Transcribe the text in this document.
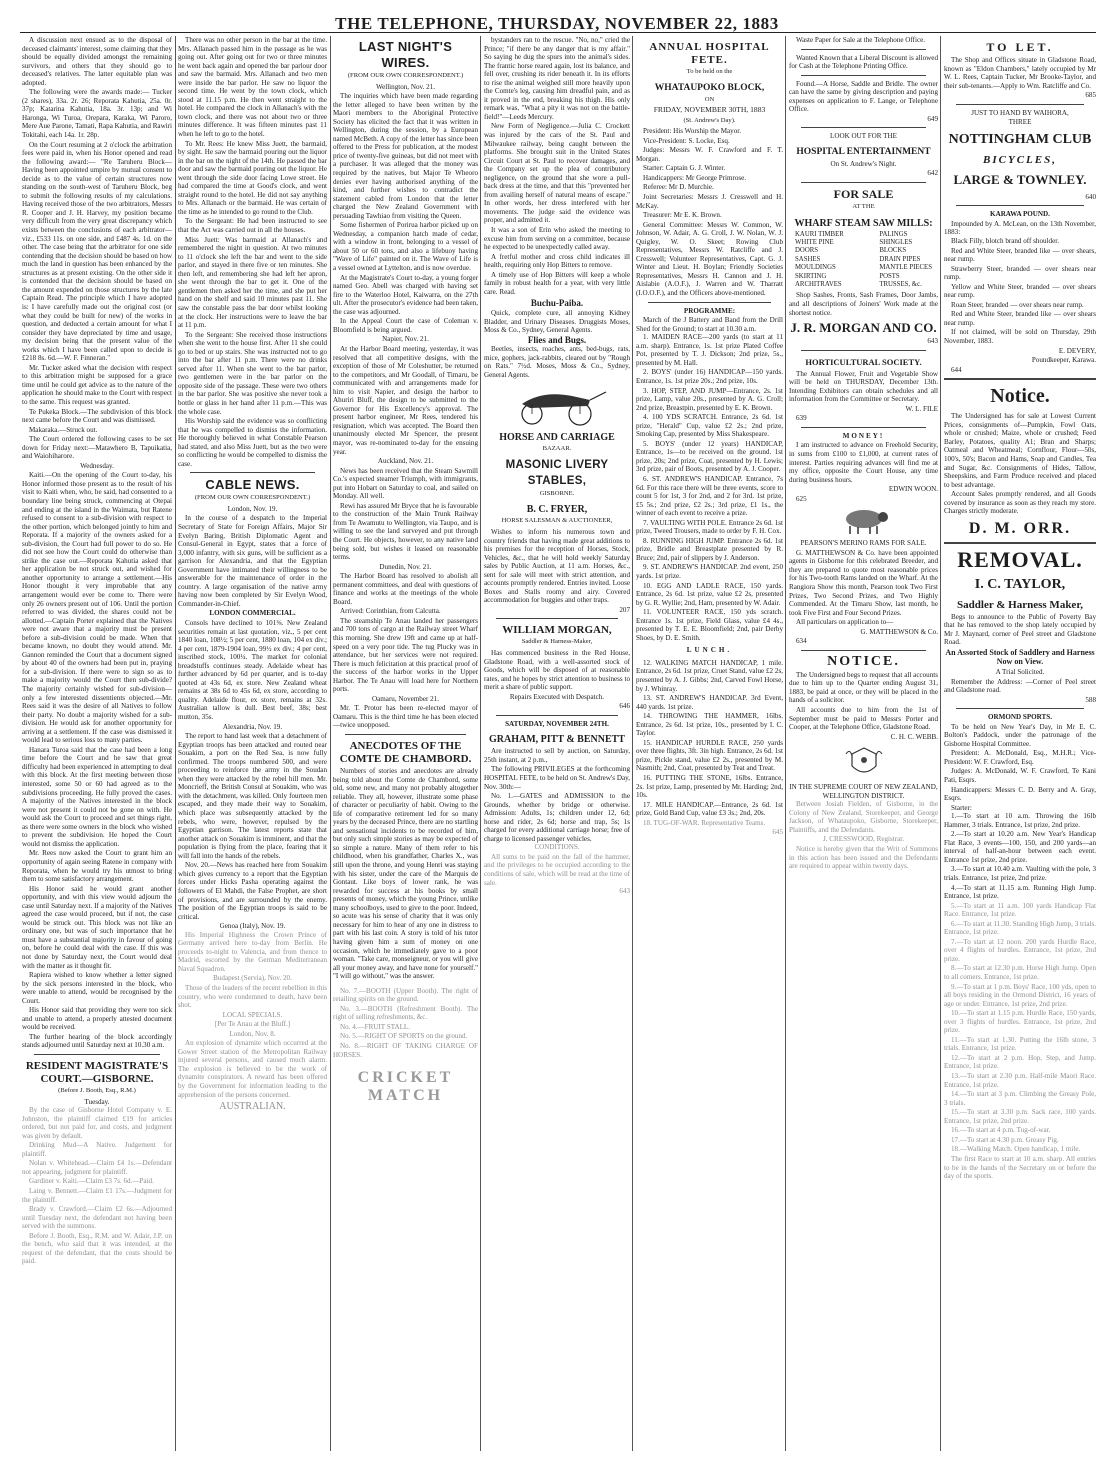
THE TELEPHONE, THURSDAY, NOVEMBER 22, 1883

A discussion next ensued as to the disposal of deceased claimants' interest, some claiming that they should be equally divided amongst the remaining survivors, and others that they should go to deceased's relatives. The latter equitable plan was adopted.

The following were the awards made:— Tucker (2 shares), 33a. 2r. 26; Reporata Kahutia, 25a. 0r. 37p; Katarina Kahutia, 18a. 3r. 13p; and Wi Haronga, Wi Turoa, Orepara, Karaka, Wi Paroro, Mere Aue Parone, Tamati, Rapa Kahutia, and Rawiri Tokitahi, each 14a. 1r. 28p.

On the Court resuming at 2 o'clock the arbitration fees were paid in, when his Honor opened and read the following award:— "Re Taruheru Block—Having been appointed umpire by mutual consent to decide as to the value of certain structures now standing on the south-west of Taruheru Block, beg to submit the following results of my calculations. Having received those of the two arbitrators, Messrs R. Cooper and J. H. Harvey, my position became very difficult from the very great discrepancy which exists between the conclusions of each arbitrator—viz., £533 11s. on one side, and £487 4s. 1d. on the other. The case being that the arbitrator for one side contending that the decision should be based on how much the land in question has been enhanced by the structures as at present existing. On the other side it is contended that the decision should be based on the amount expended on those structures by the late Captain Read. The principle which I have adopted is: I have carefully made out the original cost (or what they could be built for new) of the works in question, and deducted a certain amount for what I consider they have depreciated by time and usage, my decision being that the present value of the works which I have been called upon to decide is £218 8s. 6d.—W. F. Finneran."

Mr. Tucker asked what the decision with respect to this arbitration might be supposed for a grace time until he could get advice as to the nature of the application he should make to the Court with respect to the same. This request was granted.

Te Pukeka Block.—The subdivision of this block next came before the Court and was dismissed.

Makaraka.—Struck out.

The Court ordered the following cases to be set down for Friday next:—Matawhero B, Tapuikatia, and Waiohiharore.

Wednesday.

Kaiti.—On the opening of the Court to-day, his Honor informed those present as to the result of his visit to Kaiti when, who, he said, had consented to a boundary line being struck, commencing at Otepai and ending at the island in the Waimata, but Ratene refused to consent to a sub-division with respect to the other portion, which belonged jointly to him and Reporata. If a majority of the owners asked for a sub-division, the Court had full power to do so. He did not see how the Court could do otherwise than strike the case out.—Reporata Kahutia asked that her application be not struck out, and wished for another opportunity to arrange a settlement.—His Honor thought it very improbable that any arrangement would ever be come to. There were only 26 owners present out of 106. Until the portion referred to was divided, the shares could not be allotted.—Captain Porter explained that the Natives were not aware that a majority must be present before a sub-division could be made. When that became known, no doubt they would attend. Mr. Gannon reminded the Court that a document signed by about 40 of the owners had been put in, praying for a sub-division. If there were to sign so as to make a majority would the Court then sub-divide? The majority certainly wished for sub-division—only a few interested dissentients objected.—Mr. Rees said it was the desire of all Natives to follow their party. No doubt a majority wished for a sub-division. He would ask for another opportunity for arriving at a settlement. If the case was dismissed it would lead to serious loss to many parties.

Hanara Turoa said that the case had been a long time before the Court and he saw that great difficulty had been experienced in attempting to deal with this block. At the first meeting between those interested, some 50 or 60 had agreed as to the subdivisions proceeding. He fully proved the cases. A majority of the Natives interested in the block were not present it could not be gone on with. He would ask the Court to proceed and set things right, as there were some owners in the block who wished to prevent the subdivision. He hoped the Court would not dismiss the application.

Mr. Rees now asked the Court to grant him an opportunity of again seeing Ratene in company with Reporata, when he would try his utmost to bring them to some satisfactory arrangement.

His Honor said he would grant another opportunity, and with this view would adjourn the case until Saturday next. If a majority of the Natives agreed the case would proceed, but if not, the case would be struck out. This block was not like an ordinary one, but was of such importance that he must have a substantial majority in favour of going on, before he could deal with the case. If this was not done by Saturday next, the Court would deal with the matter as it thought fit.

Rapiera wished to know whether a letter signed by the sick persons interested in the block, who were unable to attend, would be recognised by the Court.

His Honor said that providing they were too sick and unable to attend, a properly attested document would be received.

The further hearing of the block accordingly stands adjourned until Saturday next at 10.30 a.m.

RESIDENT MAGISTRATE'S COURT.—GISBORNE.
(Before J. Booth, Esq., R.M.)

Tuesday.

By the case of Gisborne Hotel Company v. E. Johnston, the plaintiff claimed £19 for articles ordered, but not paid for, and costs, and judgment was given by default.

Drinking Mud—A Native. Judgement for plaintiff.

Nolan v. Whitehead.—Claim £4 1s.—Defendant not appearing, judgment for plaintiff.

Gardiner v. Kaiti.—Claim £3 7s. 6d.—Paid.

Laing v. Bennett.—Claim £1 17s.—Judgment for the plaintiff.

Brady v. Crawford.—Claim £2 6s.—Adjourned until Tuesday next, the defendant not having been served with the summons.

Before J. Booth, Esq., R.M. and W. Adair, J.P. on the bench, who said that it was intended, at the request of the defendant, that the costs should be paid.

There was no other person in the bar at the time. Mrs. Allanach passed him in the passage as he was going out. After going out for two or three minutes he went back again and opened the bar parlour door and saw the barmaid. Mrs. Allanach and two men were inside the bar parlor. He saw no liquor the second time. He went by the town clock, which stood at 11.15 p.m. He then went straight to the hotel. He compared the clock in Allanach's with the town clock, and there was not about two or three minutes difference. It was fifteen minutes past 11 when he left to go to the hotel.

To Mr. Rees: He knew Miss Juett, the barmaid, by sight. He saw the barmaid pouring out the liquor in the bar on the night of the 14th. He passed the bar door and saw the barmaid pouring out the liquor. He went through the side door facing Lowe street. He had compared the time at Good's clock, and went straight round to the hotel. He did not say anything to Mrs. Allanach or the barmaid. He was certain of the time as he intended to go round to the Club.

To the Sergeant: He had been instructed to see that the Act was carried out in all the houses.

Miss Juett: Was barmaid at Allanach's and remembered the night in question. At two minutes to 11 o'clock she left the bar and went to the side parlor, and stayed in there five or ten minutes. She then left, and remembering she had left her apron, she went through the bar to get it. One of the gentlemen then asked her the time, and she put her hand on the shelf and said 10 minutes past 11. She saw the constable pass the bar door whilst looking at the clock. Her instructions were to leave the bar at 11 p.m.

To the Sergeant: She received those instructions when she went to the house first. After 11 she could go to bed or up stairs. She was instructed not to go into the bar after 11 p.m. There were no drinks served after 11. When she went to the bar parlor, two gentlemen were in the bar parlor on the opposite side of the passage. These were two others in the bar parlor. She was positive she never took a bottle or glass in her hand after 11 p.m.—This was the whole case.

His Worship said the evidence was so conflicting that he was compelled to dismiss the information. He thoroughly believed in what Constable Pearson had stated, and also Miss Juett, but as the two were so conflicting he would be compelled to dismiss the case.

CABLE NEWS.
(FROM OUR OWN CORRESPONDENT.)

London, Nov. 19.

In the course of a despatch to the Imperial Secretary of State for Foreign Affairs, Major Sir Evelyn Baring, British Diplomatic Agent and Consul-General in Egypt, states that a force of 3,000 infantry, with six guns, will be sufficient as a garrison for Alexandria, and that the Egyptian Government have intimated their willingness to be answerable for the maintenance of order in the country. A large organisation of the native army having now been completed by Sir Evelyn Wood, Commander-in-Chief.

LONDON COMMERCIAL.

Consols have declined to 101⅜. New Zealand securities remain at last quotation, viz., 5 per cent 1840 loan, 108½; 5 per cent, 1880 loan, 104 ex div.; 4 per cent, 1879-1904 loan, 99½ ex div.; 4 per cent, inscribed stock, 100¼. The market for colonial breadstuffs continues steady. Adelaide wheat has further advanced by 6d per quarter, and is to-day quoted at 43s 6d, ex store. New Zealand wheat remains at 38s 6d to 45s 6d, ex store, according to quality. Adelaide flour, ex store, remains at 32s. Australian tallow is dull. Best beef, 38s; best mutton, 35s.

Alexandria, Nov. 19.

The report to hand last week that a detachment of Egyptian troops has been attacked and routed near Souakim, a port on the Red Sea, is now fully confirmed. The troops numbered 500, and were proceeding to reinforce the army in the Soudan when they were attacked by the rebel hill men. Mr. Moncrieff, the British Consul at Souakim, who was with the detachment, was killed. Only fourteen men escaped, and they made their way to Souakim, which place was subsequently attacked by the rebels, who were, however, repulsed by the Egyptian garrison. The latest reports state that another attack on Souakim is imminent, and that the population is flying from the place, fearing that it will fall into the hands of the rebels.

Nov. 20.—News has reached here from Souakim which gives currency to a report that the Egyptian forces under Hicks Pasha operating against the followers of El Mahdi, the False Prophet, are short of provisions, and are surrounded by the enemy. The position of the Egyptian troops is said to be critical.

Genoa (Italy), Nov. 19.

His Imperial Highness the Crown Prince of Germany arrived here to-day from Berlin. He proceeds to-night to Valencia, and from thence to Madrid, escorted by the German Mediterranean Naval Squadron.

Budapest (Servia), Nov. 20.

Those of the leaders of the recent rebellion in this country, who were condemned to death, have been shot.

LOCAL SPECIALS.

[Per Te Anau at the Bluff.]

London, Nov. 8.

An explosion of dynamite which occurred at the Gower Street station of the Metropolitan Railway injured several persons, and caused much alarm. The explosion is believed to be the work of dynamite conspirators. A reward has been offered by the Government for information leading to the apprehension of the persons concerned.

AUSTRALIAN.

LAST NIGHT'S WIRES.
(FROM OUR OWN CORRESPONDENT.)

Wellington, Nov. 21.

The inquiries which have been made regarding the letter alleged to have been written by the Maori members to the Aboriginal Protective Society has elicited the fact that it was written in Wellington, during the session, by a European named McBeth. A copy of the letter has since been offered to the Press for publication, at the modest price of twenty-five guineas, but did not meet with a purchaser. It was alleged that the money was required by the natives, but Major Te Wheoro denies ever having authorised anything of the kind, and further wishes to contradict the statement cabled from London that the letter charged the New Zealand Government with persuading Tawhiao from visiting the Queen.

Some fishermen of Porirua harbor picked up on Wednesday, a companion hatch made of cedar, with a window in front, belonging to a vessel of about 50 or 60 tons, and also a lifebuoy having "Wave of Life" painted on it. The Wave of Life is a vessel owned at Lyttelton, and is now overdue.

At the Magistrate's Court to-day, a young forger named Geo. Abell was charged with having set fire to the Waterloo Hotel, Kaiwarra, on the 27th ult. After the prosecutor's evidence had been taken, the case was adjourned.

In the Appeal Court the case of Coleman v. Bloomfield is being argued.

Napier, Nov. 21.

At the Harbor Board meeting, yesterday, it was resolved that all competitive designs, with the exception of those of Mr Coleshutter, be returned to the competitors, and Mr Goodall, of Timaru, be communicated with and arrangements made for him to visit Napier, and design the harbor to Ahuriri Bluff, the design to be submitted to the Governor for His Excellency's approval. The present harbor engineer, Mr Rees, tendered his resignation, which was accepted. The Board then unanimously elected Mr Spencer, the present mayor, was re-nominated to-day for the ensuing year.

Auckland, Nov. 21.

News has been received that the Steam Sawmill Co.'s expected steamer Triumph, with immigrants, put into Hobart on Saturday to coal, and sailed on Monday. All well.

Rewi has assured Mr Bryce that he is favourable to the construction of the Main Trunk Railway from Te Awamutu to Wellington, via Taupo, and is willing to see the land surveyed and put through the Court. He objects, however, to any native land being sold, but wishes it leased on reasonable terms.

Dunedin, Nov. 21.

The Harbor Board has resolved to abolish all permanent committees, and deal with questions of finance and works at the meetings of the whole Board.

Arrived: Corinthian, from Calcutta.

The steamship Te Anau landed her passengers and 700 tons of cargo at the Railway street Wharf this morning. She drew 19ft and came up at half-speed on a very poor tide. The tug Plucky was in attendance, but her services were not required. There is much felicitation at this practical proof of the success of the harbor works in the Upper Harbor. The Te Anau will load here for Northern ports.

Oamaru, November 21.

Mr. T. Protor has been re-elected mayor of Oamaru. This is the third time he has been elected—twice unopposed.

ANECDOTES OF THE COMTE DE CHAMBORD.

Numbers of stories and anecdotes are already being told about the Comte de Chambord, some old, some new, and many not probably altogether reliable. They all, however, illustrate some phase of character or peculiarity of habit. Owing to the life of comparative retirement led for so many years by the deceased Prince, there are no startling and sensational incidents to be recorded of him, but only such simple stories as may be expected of so simple a nature. Many of them refer to his childhood, when his grandfather, Charles X., was still upon the throne, and young Henri was staying with his sister, under the care of the Marquis de Gontaut. Like boys of lower rank, he was rewarded for success at his books by small presents of money, which the young Prince, unlike many schoolboys, used to give to the poor. Indeed, so acute was his sense of charity that it was only necessary for him to hear of any one in distress to part with his last coin. A story is told of his tutor having given him a sum of money on one occasion, which he immediately gave to a poor woman. "Take care, monseigneur, or you will give all your money away, and have none for yourself." "I will go without," was the answer.

No. 7.—BOOTH (Upper Booth). The right of retailing spirits on the ground.

No. 3.—BOOTH (Refreshment Booth). The right of selling refreshments, &c.

No. 4.—FRUIT STALL.

No. 5.—RIGHT OF SPORTS on the ground.

No. 8.—RIGHT OF TAKING CHARGE OF HORSES.

CRICKET MATCH

bystanders ran to the rescue. "No, no," cried the Prince; "if there be any danger that is my affair." So saying he dug the spurs into the animal's sides. The frantic horse reared again, lost its balance, and fell over, crushing its rider beneath it. In its efforts to rise the animal weighed still more heavily upon the Comte's leg, causing him dreadful pain, and as it proved in the end, breaking his thigh. His only remark was, "What a pity it was not on the battle-field!"—Leeds Mercury.

New Form of Negligence.—Julia C. Crockett was injured by the cars of the St. Paul and Milwaukee railway, being caught between the platforms. She brought suit in the United States Circuit Court at St. Paul to recover damages, and the Company set up the plea of contributory negligence, on the ground that she wore a pull-back dress at the time, and that this "prevented her from availing herself of natural means of escape." In other words, her dress interfered with her movements. The judge said the evidence was proper, and admitted it.

It was a son of Erin who asked the meeting to excuse him from serving on a committee, because he expected to be unexpectedly called away.

A fretful mother and cross child indicates ill health, requiring only Hop Bitters to remove.

A timely use of Hop Bitters will keep a whole family in robust health for a year, with very little care. Read.

Buchu-Paiba.

Quick, complete cure, all annoying Kidney Bladder, and Urinary Diseases. Druggists Moses, Moss & Co., Sydney, General Agents.

Flies and Bugs.

Beetles, insects, roaches, ants, bed-bugs, rats, mice, gophers, jack-rabbits, cleared out by "Rough on Rats." 7½d. Moses, Moss & Co., Sydney, General Agents.

HORSE AND CARRIAGE
BAZAAR.
MASONIC LIVERY STABLES,
GISBORNE.
B. C. FRYER,
HORSE SALESMAN & AUCTIONEER,

Wishes to inform his numerous town and country friends that having made great additions to his premises for the reception of Horses, Stock, Vehicles, &c., that he will hold weekly Saturday sales by Public Auction, at 11 a.m. Horses, &c., sent for sale will meet with strict attention, and accounts promptly rendered. Entries invited. Loose Boxes and Stalls roomy and airy. Covered accommodation for buggies and other traps.

207

WILLIAM MORGAN,
Saddler & Harness-Maker,

Has commenced business in the Red House, Gladstone Road, with a well-assorted stock of Goods, which will be disposed of at reasonable rates, and he hopes by strict attention to business to merit a share of public support.

Repairs Executed with Despatch.

646

SATURDAY, NOVEMBER 24TH.

GRAHAM, PITT & BENNETT

Are instructed to sell by auction, on Saturday, 25th instant, at 2 p.m.,

The following PRIVILEGES at the forthcoming HOSPITAL FETE, to be held on St. Andrew's Day, Nov. 30th:—

No. 1.—GATES and ADMISSION to the Grounds, whether by bridge or otherwise. Admission: Adults, 1s; children under 12, 6d; horse and rider, 2s 6d; horse and trap, 5s; 1s charged for every additional carriage horse; free of charge to licensed passenger vehicles.

CONDITIONS.

All sums to be paid on the fall of the hammer, and the privileges to be occupied according to the conditions of sale, which will be read at the time of sale.

643

ANNUAL HOSPITAL FETE.
To be held on the
WHATAUPOKO BLOCK,
ON
FRIDAY, NOVEMBER 30TH, 1883
(St. Andrew's Day).
President: His Worship the Mayor.
Vice-President: S. Locke, Esq.
Judges: Messrs W. F. Crawford and F. T. Morgan.
Starter: Captain G. J. Winter.
Handicappers: Mr George Primrose.
Referee: Mr D. Murchie.
Joint Secretaries: Messrs J. Cresswell and H. McKay.
Treasurer: Mr E. K. Brown.
General Committee: Messrs W. Common, W. Johnson, W. Adair, A. G. Croll, J. W. Nolan, W. J. Quigley, W. O. Skeet; Rowing Club Representatives, Messrs W. Ratcliffe and J. Cresswell; Volunteer Representatives, Capt. G. J. Winter and Lieut. H. Boylan; Friendly Societies Representatives, Messrs H. Cannon and J. H. Aislabie (A.O.F.), J. Warren and W. Tharratt (I.O.O.F.), and the Officers above-mentioned.

PROGRAMME:

March of the J Battery and Band from the Drill Shed for the Ground; to start at 10.30 a.m.

1. MAIDEN RACE—200 yards (to start at 11 a.m. sharp). Entrance, 1s. 1st prize Plated Coffee Pot, presented by T. J. Dickson; 2nd prize, 5s., presented by M. Hall.
2. BOYS' (under 16) HANDICAP—150 yards. Entrance, 1s. 1st prize 20s.; 2nd prize, 10s.
3. HOP, STEP, AND JUMP—Entrance, 2s. 1st prize, Lamp, value 20s., presented by A. G. Croll; 2nd prize, Breastpin, presented by E. K. Brown.
4. 100 YDS SCRATCH. Entrance, 2s 6d. 1st prize, "Herald" Cup, value £2 2s.; 2nd prize, Smoking Cap, presented by Miss Shakespeare.
5. BOYS' (under 12 years) HANDICAP, Entrance, 1s—to be received on the ground. 1st prize, 20s; 2nd prize, Coat, presented by H. Lewis; 3rd prize, pair of Boots, presented by A. J. Cooper.
6. ST. ANDREW'S HANDICAP. Entrance, 7s 6d. For this race there will be three events, score to count 5 for 1st, 3 for 2nd, and 2 for 3rd. 1st prize, £5 5s.; 2nd prize, £2 2s.; 3rd prize, £1 1s., the winner of each event to receive a prize.
7. VAULTING WITH POLE. Entrance 2s 6d. 1st prize, Tweed Trousers, made to order by F. H. Cox.
8. RUNNING HIGH JUMP. Entrance 2s 6d. 1st prize, Bridle and Breastplate presented by R. Bruce; 2nd, pair of slippers by J. Anderson.
9. ST. ANDREW'S HANDICAP. 2nd event, 250 yards. 1st prize.
10. EGG AND LADLE RACE, 150 yards. Entrance, 2s 6d. 1st prize, value £2 2s, presented by G. R. Wyllie; 2nd, Ham, presented by W. Adair.
11. VOLUNTEER RACE, 150 yds scratch. Entrance 1s. 1st prize, Field Glass, value £4 4s., presented by T. E. E. Bloomfield; 2nd, pair Derby Shoes, by D. E. Smith.

LUNCH.

12. WALKING MATCH HANDICAP, 1 mile. Entrance, 2s 6d. 1st prize, Cruet Stand, value £2 2s, presented by A. J. Gibbs; 2nd, Carved Fowl Horse, by J. Whinray.
13. ST. ANDREW'S HANDICAP. 3rd Event, 440 yards. 1st prize.
14. THROWING THE HAMMER, 16lbs. Entrance, 2s 6d. 1st prize, 10s., presented by I. C. Taylor.
15. HANDICAP HURDLE RACE, 250 yards over three flights, 3ft. 3in high. Entrance, 2s 6d. 1st prize, Pickle stand, value £2 2s., presented by M. Nasmith; 2nd, Coat, presented by Teat and Treat.
16. PUTTING THE STONE, 16lbs. Entrance, 2s. 1st prize, Lamp, presented by Mr. Harding; 2nd, 10s.
17. MILE HANDICAP.—Entrance, 2s 6d. 1st prize, Gold Band Cup, value £3 3s.; 2nd, 20s.
18. TUG-OF-WAR. Representative Teams.

645

Waste Paper for Sale at the Telephone Office.

Wanted Known that a Liberal Discount is allowed for Cash at the Telephone Printing Office.

Found.—A Horse, Saddle and Bridle. The owner can have the same by giving description and paying expenses on application to F. Lange, or Telephone Office.

649

LOOK OUT FOR THE

HOSPITAL ENTERTAINMENT

On St. Andrew's Night.

642

FOR SALE
AT THE
WHARF STEAM SAW MILLS:
KAURI TIMBER
WHITE PINE
DOORS
SASHES
MOULDINGS
SKIRTING
ARCHITRAVES
PALINGS
SHINGLES
BLOCKS
DRAIN PIPES
MANTLE PIECES
POSTS
TRUSSES, &c.

Shop Sashes, Fronts, Sash Frames, Door Jambs, and all descriptions of Joiners' Work made at the shortest notice.

J. R. MORGAN AND CO.

643

HORTICULTURAL SOCIETY.

The Annual Flower, Fruit and Vegetable Show will be held on THURSDAY, December 13th. Intending Exhibitors can obtain schedules and all information from the Committee or Secretary.

W. L. FILE

639

MONEY!

I am instructed to advance on Freehold Security, in sums from £100 to £1,000, at current rates of interest. Parties requiring advances will find me at my office, opposite the Court House, any time during business hours.

EDWIN WOON.

625

PEARSON'S MERINO RAMS FOR SALE.

G. MATTHEWSON & Co. have been appointed agents in Gisborne for this celebrated Breeder, and they are prepared to quote most reasonable prices for his Two-tooth Rams landed on the Wharf. At the Rangiora Show this month, Pearson took Two First Prizes, Two Second Prizes, and Two Highly Commended. At the Timaru Show, last month, he took Five First and Four Second Prizes.

All particulars on application to—

G. MATTHEWSON & Co.

634

NOTICE.

The Undersigned begs to request that all accounts due to him up to the Quarter ending August 31, 1883, be paid at once, or they will be placed in the hands of a solicitor.

All accounts due to him from the 1st of September must be paid to Messrs Porter and Cooper, at the Telephone Office, Gladstone Road.

C. H. C. WEBB.

IN THE SUPREME COURT OF NEW ZEALAND, WELLINGTON DISTRICT.

Between Josiah Fielden, of Gisborne, in the Colony of New Zealand, Storekeeper, and George Jackson, of Whataupoko, Gisborne, Storekeeper, Plaintiffs, and the Defendants.

J. CRESSWOOD, Registrar.

Notice is hereby given that the Writ of Summons in this action has been issued and the Defendants are required to appear within twenty days.

TO LET.

The Shop and Offices situate in Gladstone Road, known as "Eldon Chambers," lately occupied by Mr W. L. Rees, Captain Tucker, Mr Brooke-Taylor, and their sub-tenants.—Apply to Wm. Ratcliffe and Co.

685

JUST TO HAND BY WAIHORA,

THREE

NOTTINGHAM CLUB
BICYCLES,
LARGE & TOWNLEY.

640

KARAWA POUND.

Impounded by A. McLean, on the 13th November, 1883:

Black Filly, blotch brand off shoulder.
Red and White Steer, branded like — over shears, near rump.
Strawberry Steer, branded — over shears near rump.
Yellow and White Steer, branded — over shears near rump.
Roan Steer, branded — over shears near rump.
Red and White Steer, branded like — over shears near rump.

If not claimed, will be sold on Thursday, 29th November, 1883.

E. DEVERY,

Poundkeeper, Karawa.

644

Notice.

The Undersigned has for sale at Lowest Current Prices, consignments of—Pumpkin, Fowl Oats, whole or crushed; Maize, whole or crushed; Feed Barley, Potatoes, quality A1; Bran and Sharps; Oatmeal and Wheatmeal; Cornflour, Flour—50s, 100's, 50's; Bacon and Hams, Soap and Candles, Tea and Sugar, &c. Consignments of Hides, Tallow, Sheepskins, and Farm Produce received and placed to best advantage.

Account Sales promptly rendered, and all Goods covered by insurance as soon as they reach my store. Charges strictly moderate.

D. M. ORR.
REMOVAL.
I. C. TAYLOR,
Saddler & Harness Maker,

Begs to announce to the Public of Poverty Bay that he has removed to the shop lately occupied by Mr J. Maynard, corner of Peel street and Gladstone Road.

An Assorted Stock of Saddlery and Harness Now on View.

A Trial Solicited.

Remember the Address: —Corner of Peel street and Gladstone road.

588

ORMOND SPORTS.

To be held on New Year's Day, in Mr E. C. Bolton's Paddock, under the patronage of the Gisborne Hospital Committee.

President: A. McDonald, Esq., M.H.R.; Vice-President: W. F. Crawford, Esq.

Judges: A. McDonald, W. F. Crawford, Te Kani Pati, Esqrs.

Handicappers: Messrs C. D. Berry and A. Gray, Esqrs.

Starter:

1.—To start at 10 a.m. Throwing the 16lb Hammer, 3 trials. Entrance, 1st prize, 2nd prize.
2.—To start at 10.20 a.m. New Year's Handicap Flat Race, 3 events—100, 150, and 200 yards—an interval of half-an-hour between each event. Entrance 1st prize, 2nd prize.
3.—To start at 10.40 a.m. Vaulting with the pole, 3 trials. Entrance, 1st prize, 2nd prize.
4.—To start at 11.15 a.m. Running High Jump. Entrance, 1st prize.
5.—To start at 11 a.m. 100 yards Handicap Flat Race. Entrance, 1st prize.
6.—To start at 11.30. Standing High Jump, 3 trials. Entrance, 1st prize.
7.—To start at 12 noon. 200 yards Hurdle Race, over 4 flights of hurdles. Entrance, 1st prize, 2nd prize.
8.—To start at 12.30 p.m. Horse High Jump. Open to all comers. Entrance, 1st prize.
9.—To start at 1 p.m. Boys' Race, 100 yds, open to all boys residing in the Ormond District, 16 years of age or under. Entrance, 1st prize, 2nd prize.
10.—To start at 1.15 p.m. Hurdle Race, 150 yards, over 3 flights of hurdles. Entrance, 1st prize, 2nd prize.
11.—To start at 1.30. Putting the 16lb stone, 3 trials. Entrance, 1st prize.
12.—To start at 2 p.m. Hop, Step, and Jump. Entrance, 1st prize.
13.—To start at 2.30 p.m. Half-mile Maori Race. Entrance, 1st prize.
14.—To start at 3 p.m. Climbing the Greasy Pole, 3 trials.
15.—To start at 3.30 p.m. Sack race, 100 yards. Entrance, 1st prize, 2nd prize.
16.—To start at 4 p.m. Tug-of-war.
17.—To start at 4.30 p.m. Greasy Pig.
18.—Walking Match. Open handicap, 1 mile.
The first Race to start at 10 a.m. sharp. All entries to be in the hands of the Secretary on or before the day of the sports.
